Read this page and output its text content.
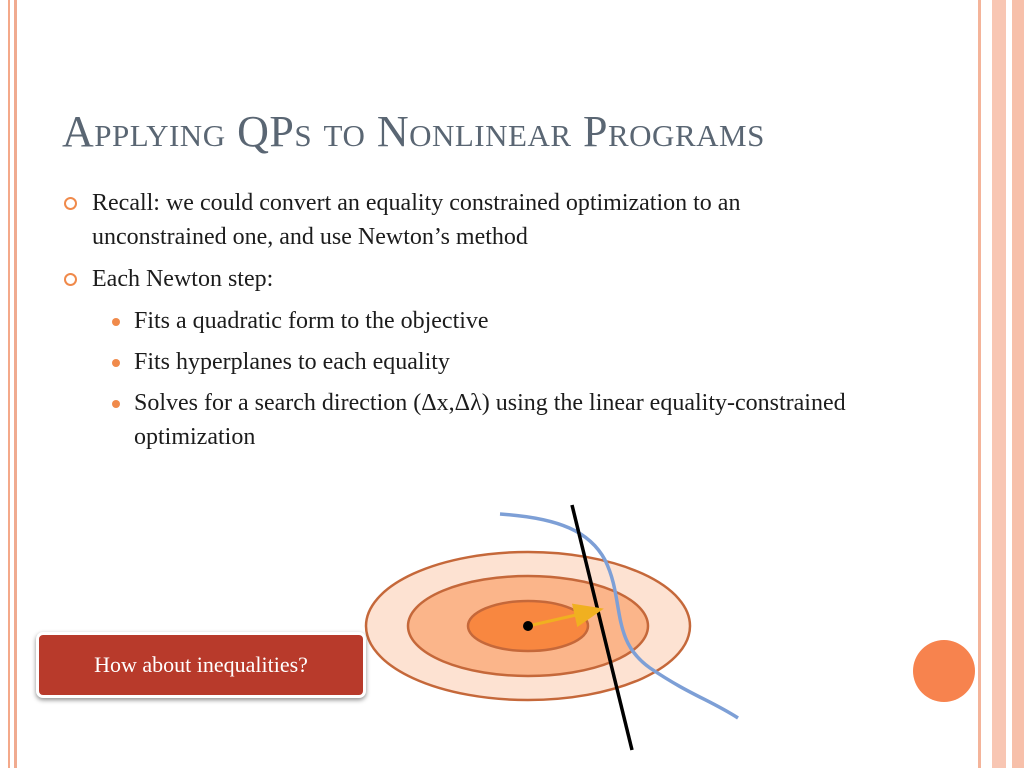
Applying QPs to Nonlinear Programs
Recall: we could convert an equality constrained optimization to an unconstrained one, and use Newton’s method
Each Newton step:
Fits a quadratic form to the objective
Fits hyperplanes to each equality
Solves for a search direction (Δx,Δλ) using the linear equality-constrained optimization
How about inequalities?
